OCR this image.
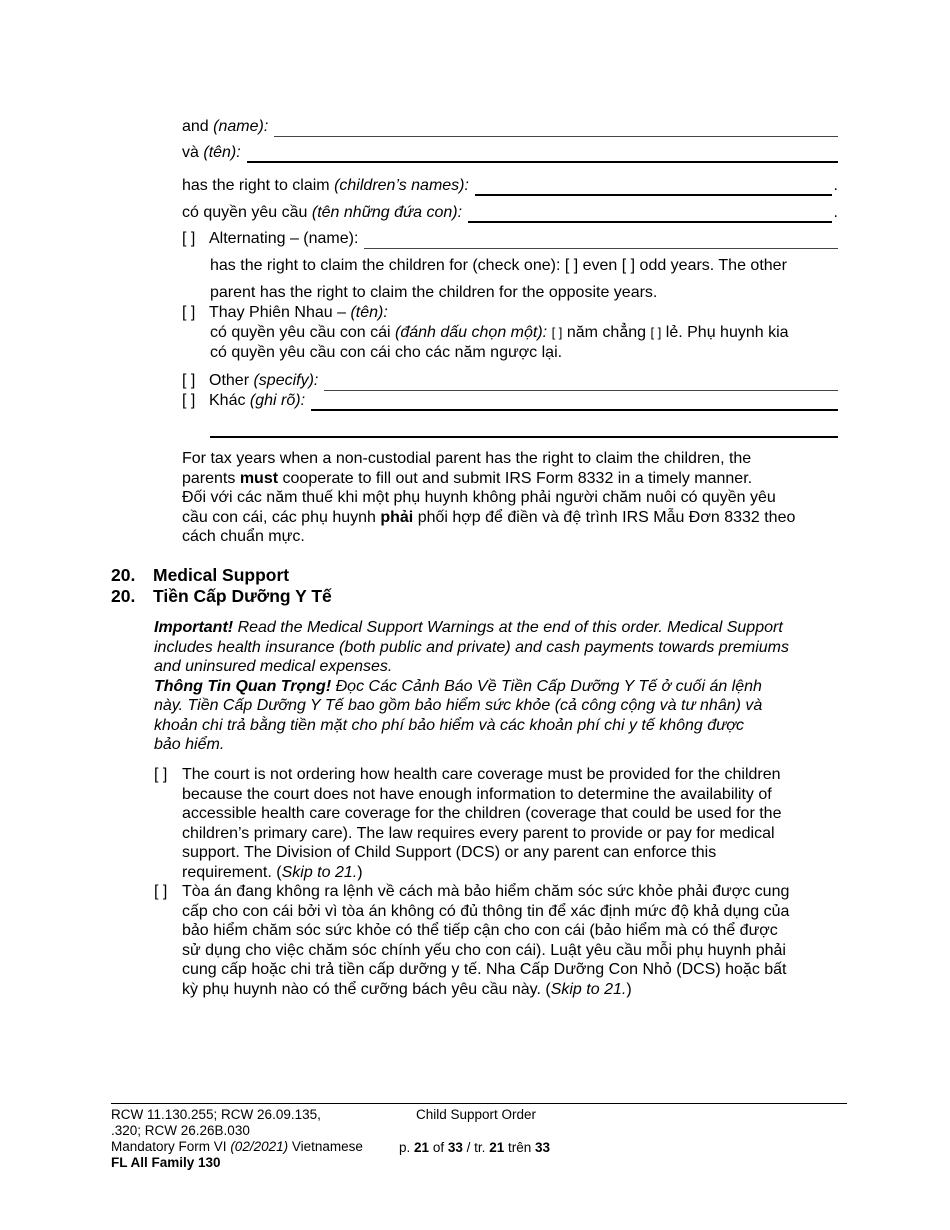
and
(name):
và
(tên):
has the right to claim
(children’s names):	.
có quyền yêu cầu
(tên những đứa con):	.
[ ] Alternating – (name):
has the right to claim the children for (check one): [ ] even [ ] odd years. The other
parent has the right to claim the children for the opposite years.
[ ] Thay Phiên Nhau – (tên):
có quyền yêu cầu con cái (đánh dấu chọn một): [ ] năm chẳng [ ] lẻ. Phụ huynh kia
có quyền yêu cầu con cái cho các năm ngược lại.
[ ] Other
(specify):
[ ] Khác
(ghi rõ):
For tax years when a non-custodial parent has the right to claim the children, the
parents must cooperate to fill out and submit IRS Form 8332 in a timely manner.
Đối với các năm thuế khi một phụ huynh không phải người chăm nuôi có quyền yêu
cầu con cái, các phụ huynh phải phối hợp để điền và đệ trình IRS Mẫu Đơn 8332 theo
cách chuẩn mực.
20. Medical Support
20. Tiền Cấp Dưỡng Y Tế
Important! Read the Medical Support Warnings at the end of this order. Medical Support
includes health insurance (both public and private) and cash payments towards premiums
and uninsured medical expenses.
Thông Tin Quan Trọng! Đọc Các Cảnh Báo Về Tiền Cấp Dưỡng Y Tế ở cuối án lệnh
này. Tiền Cấp Dưỡng Y Tế bao gồm bảo hiểm sức khỏe (cả công cộng và tư nhân) và
khoản chi trả bằng tiền mặt cho phí bảo hiểm và các khoản phí chi y tế không được
bảo hiểm.
[ ] The court is not ordering how health care coverage must be provided for the children
because the court does not have enough information to determine the availability of
accessible health care coverage for the children (coverage that could be used for the
children’s primary care). The law requires every parent to provide or pay for medical
support. The Division of Child Support (DCS) or any parent can enforce this
requirement. (Skip to 21.)
[ ] Tòa án đang không ra lệnh về cách mà bảo hiểm chăm sóc sức khỏe phải được cung
cấp cho con cái bởi vì tòa án không có đủ thông tin để xác định mức độ khả dụng của
bảo hiểm chăm sóc sức khỏe có thể tiếp cận cho con cái (bảo hiểm mà có thể được
sử dụng cho việc chăm sóc chính yếu cho con cái). Luật yêu cầu mỗi phụ huynh phải
cung cấp hoặc chi trả tiền cấp dưỡng y tế. Nha Cấp Dưỡng Con Nhỏ (DCS) hoặc bất
kỳ phụ huynh nào có thể cưỡng bách yêu cầu này. (Skip to 21.)
RCW 11.130.255; RCW 26.09.135,
.320; RCW 26.26B.030
Mandatory Form VI (02/2021) Vietnamese
FL All Family 130
Child Support Order
p. 21 of 33 / tr. 21 trên 33
